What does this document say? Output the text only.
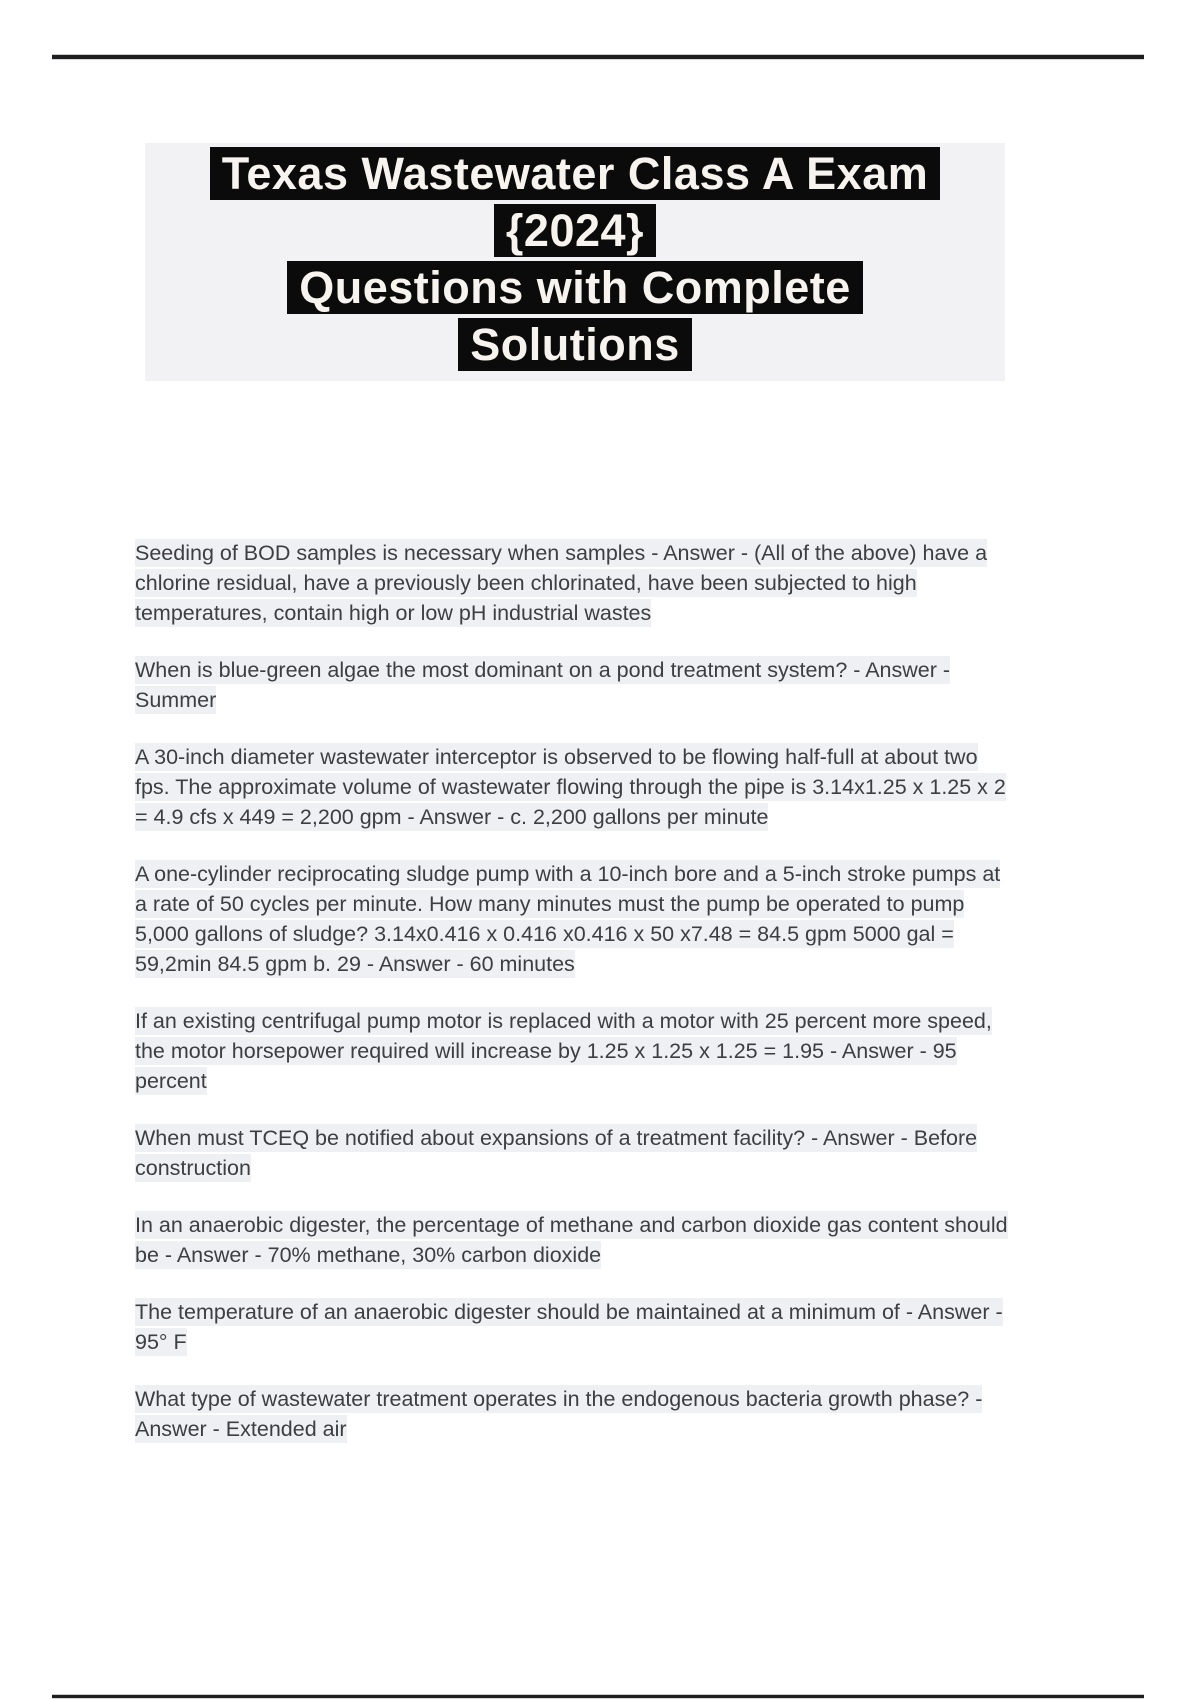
Texas Wastewater Class A Exam
{2024}
Questions with Complete
Solutions

Seeding of BOD samples is necessary when samples - Answer - (All of the above) have a chlorine residual, have a previously been chlorinated, have been subjected to high temperatures, contain high or low pH industrial wastes

When is blue-green algae the most dominant on a pond treatment system? - Answer - Summer

A 30-inch diameter wastewater interceptor is observed to be flowing half-full at about two fps. The approximate volume of wastewater flowing through the pipe is 3.14x1.25 x 1.25 x 2 = 4.9 cfs x 449 = 2,200 gpm - Answer - c. 2,200 gallons per minute

A one-cylinder reciprocating sludge pump with a 10-inch bore and a 5-inch stroke pumps at a rate of 50 cycles per minute. How many minutes must the pump be operated to pump 5,000 gallons of sludge? 3.14x0.416 x 0.416 x0.416 x 50 x7.48 = 84.5 gpm 5000 gal = 59,2min 84.5 gpm b. 29 - Answer - 60 minutes

If an existing centrifugal pump motor is replaced with a motor with 25 percent more speed, the motor horsepower required will increase by 1.25 x 1.25 x 1.25 = 1.95 - Answer - 95 percent

When must TCEQ be notified about expansions of a treatment facility? - Answer - Before construction

In an anaerobic digester, the percentage of methane and carbon dioxide gas content should be - Answer - 70% methane, 30% carbon dioxide

The temperature of an anaerobic digester should be maintained at a minimum of - Answer - 95° F

What type of wastewater treatment operates in the endogenous bacteria growth phase? - Answer - Extended air
